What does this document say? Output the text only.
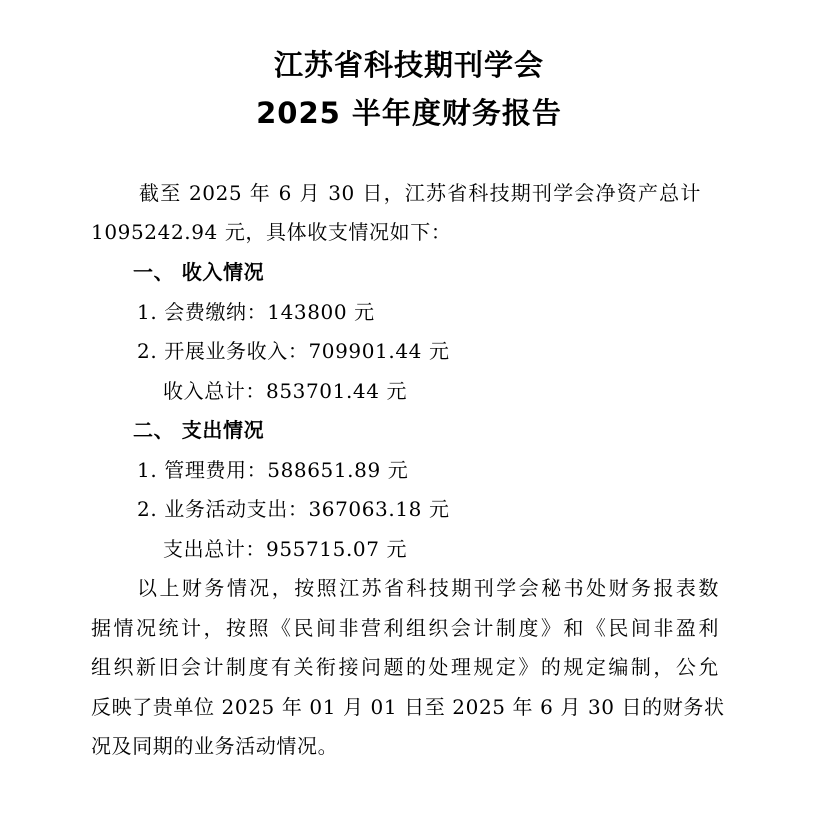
江苏省科技期刊学会
2025 半年度财务报告
截至 2025 年 6 月 30 日，江苏省科技期刊学会净资产总计
1095242.94 元，具体收支情况如下：
一、 收入情况
1. 会费缴纳：143800 元
2. 开展业务收入：709901.44 元
收入总计：853701.44 元
二、 支出情况
1. 管理费用：588651.89 元
2. 业务活动支出：367063.18 元
支出总计：955715.07 元
以上财务情况，按照江苏省科技期刊学会秘书处财务报表数
据情况统计，按照《民间非营利组织会计制度》和《民间非盈利
组织新旧会计制度有关衔接问题的处理规定》的规定编制，公允
反映了贵单位 2025 年 01 月 01 日至 2025 年 6 月 30 日的财务状
况及同期的业务活动情况。
